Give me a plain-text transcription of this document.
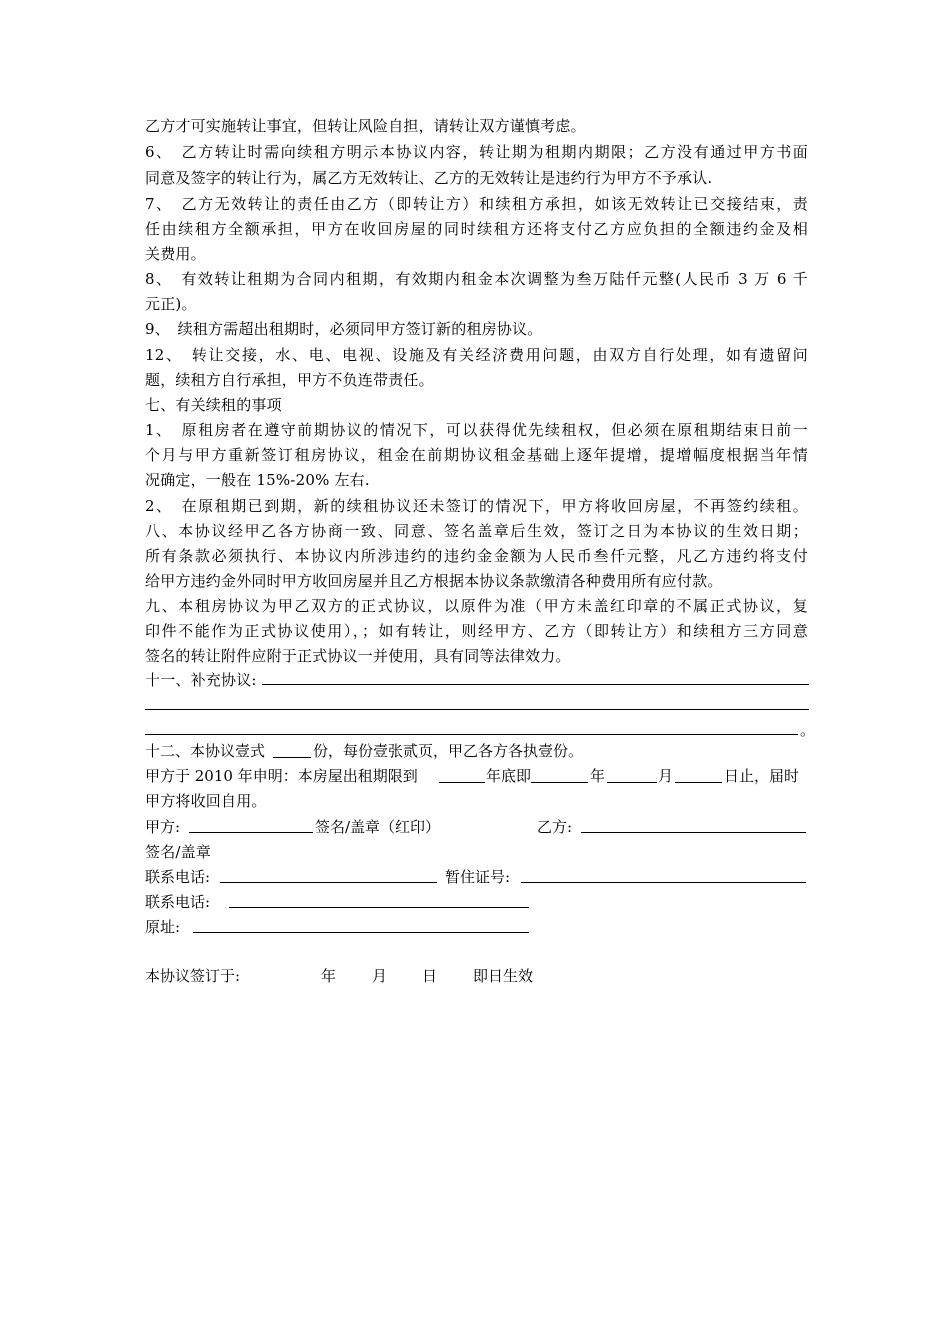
乙方才可实施转让事宜，但转让风险自担，请转让双方谨慎考虑。
6、　乙方转让时需向续租方明示本协议内容，转让期为租期内期限；乙方没有通过甲方书面
同意及签字的转让行为，属乙方无效转让、乙方的无效转让是违约行为甲方不予承认.
7、　乙方无效转让的责任由乙方（即转让方）和续租方承担，如该无效转让已交接结束，责
任由续租方全额承担，甲方在收回房屋的同时续租方还将支付乙方应负担的全额违约金及相
关费用。
8、　有效转让租期为合同内租期，有效期内租金本次调整为叁万陆仟元整(人民币 3 万 6 千
元正)。
9、　续租方需超出租期时，必须同甲方签订新的租房协议。
12、　转让交接，水、电、电视、设施及有关经济费用问题，由双方自行处理，如有遗留问
题，续租方自行承担，甲方不负连带责任。
七、有关续租的事项
1、　原租房者在遵守前期协议的情况下，可以获得优先续租权，但必须在原租期结束日前一
个月与甲方重新签订租房协议，租金在前期协议租金基础上逐年提增，提增幅度根据当年情
况确定，一般在 15%-20% 左右.
2、　在原租期已到期，新的续租协议还未签订的情况下，甲方将收回房屋，不再签约续租。
八、本协议经甲乙各方协商一致、同意、签名盖章后生效，签订之日为本协议的生效日期；
所有条款必须执行、本协议内所涉违约的违约金金额为人民币叁仟元整，凡乙方违约将支付
给甲方违约金外同时甲方收回房屋并且乙方根据本协议条款缴清各种费用所有应付款。
九、本租房协议为甲乙双方的正式协议，以原件为准（甲方未盖红印章的不属正式协议，复
印件不能作为正式协议使用），；如有转让，则经甲方、乙方（即转让方）和续租方三方同意
签名的转让附件应附于正式协议一并使用，具有同等法律效力。
十一、补充协议:
。
十二、本协议壹式	份，每份壹张贰页，甲乙各方各执壹份。
甲方于 2010 年申明：本房屋出租期限到	年底即	年	月	日止，届时
甲方将收回自用。
甲方:	签名/盖章（红印）	乙方:
签名/盖章
联系电话:	暂住证号:
联系电话:
原址:
本协议签订于:	年 月 日 即日生效
